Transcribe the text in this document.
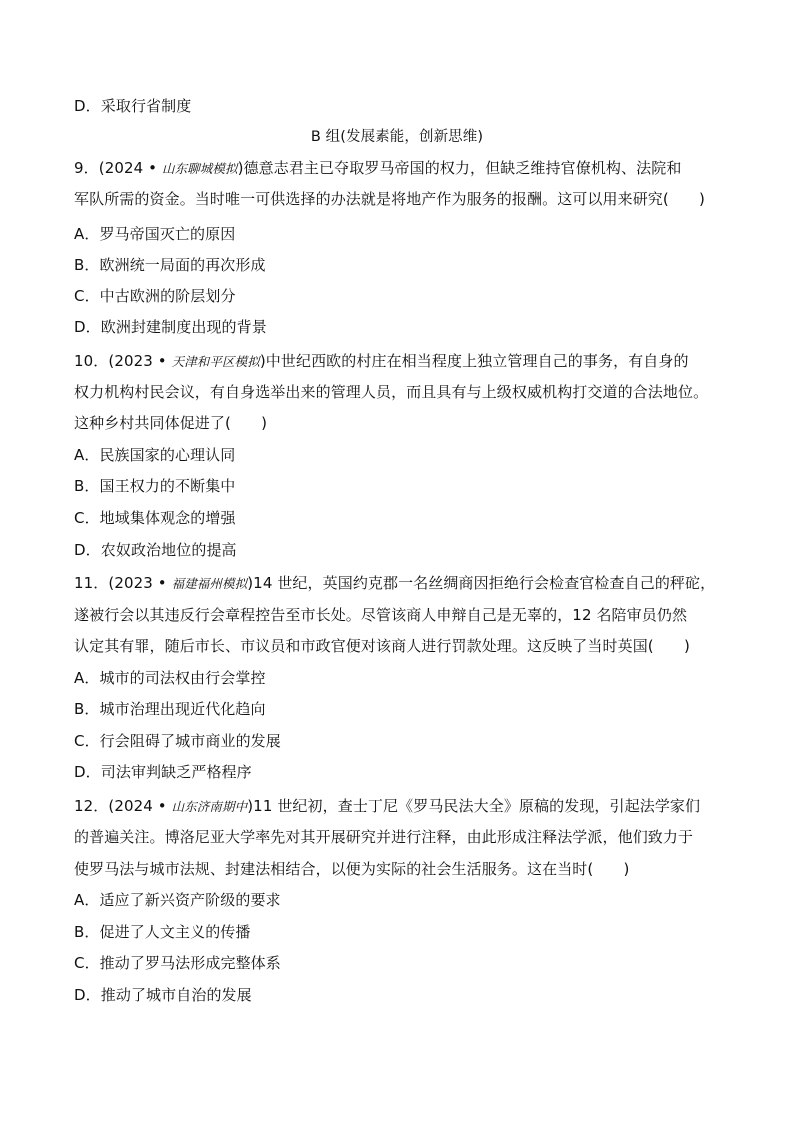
D．采取行省制度
B 组(发展素能，创新思维)
9．(2024 • 山东聊城模拟)德意志君主已夺取罗马帝国的权力，但缺乏维持官僚机构、法院和
军队所需的资金。当时唯一可供选择的办法就是将地产作为服务的报酬。这可以用来研究(　　)
A．罗马帝国灭亡的原因
B．欧洲统一局面的再次形成
C．中古欧洲的阶层划分
D．欧洲封建制度出现的背景
10．(2023 • 天津和平区模拟)中世纪西欧的村庄在相当程度上独立管理自己的事务，有自身的
权力机构村民会议，有自身选举出来的管理人员，而且具有与上级权威机构打交道的合法地位。
这种乡村共同体促进了(　　)
A．民族国家的心理认同
B．国王权力的不断集中
C．地域集体观念的增强
D．农奴政治地位的提高
11．(2023 • 福建福州模拟)14 世纪，英国约克郡一名丝绸商因拒绝行会检查官检查自己的秤砣，
遂被行会以其违反行会章程控告至市长处。尽管该商人申辩自己是无辜的，12 名陪审员仍然
认定其有罪，随后市长、市议员和市政官便对该商人进行罚款处理。这反映了当时英国(　　)
A．城市的司法权由行会掌控
B．城市治理出现近代化趋向
C．行会阻碍了城市商业的发展
D．司法审判缺乏严格程序
12．(2024 • 山东济南期中)11 世纪初，查士丁尼《罗马民法大全》原稿的发现，引起法学家们
的普遍关注。博洛尼亚大学率先对其开展研究并进行注释，由此形成注释法学派，他们致力于
使罗马法与城市法规、封建法相结合，以便为实际的社会生活服务。这在当时(　　)
A．适应了新兴资产阶级的要求
B．促进了人文主义的传播
C．推动了罗马法形成完整体系
D．推动了城市自治的发展
